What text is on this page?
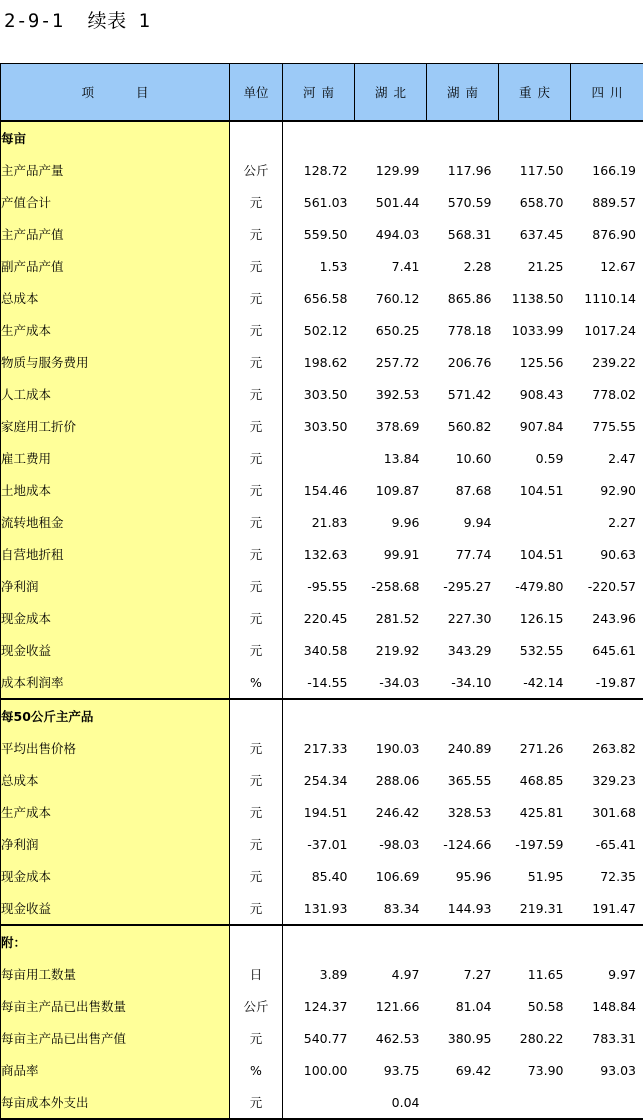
2-9-1  续表 1
项目	单位	河南	湖北	湖南	重庆	四川
每亩						
主产品产量	公斤	128.72	129.99	117.96	117.50	166.19
产值合计	元	561.03	501.44	570.59	658.70	889.57
主产品产值	元	559.50	494.03	568.31	637.45	876.90
副产品产值	元	1.53	7.41	2.28	21.25	12.67
总成本	元	656.58	760.12	865.86	1138.50	1110.14
生产成本	元	502.12	650.25	778.18	1033.99	1017.24
物质与服务费用	元	198.62	257.72	206.76	125.56	239.22
人工成本	元	303.50	392.53	571.42	908.43	778.02
家庭用工折价	元	303.50	378.69	560.82	907.84	775.55
雇工费用	元		13.84	10.60	0.59	2.47
土地成本	元	154.46	109.87	87.68	104.51	92.90
流转地租金	元	21.83	9.96	9.94		2.27
自营地折租	元	132.63	99.91	77.74	104.51	90.63
净利润	元	-95.55	-258.68	-295.27	-479.80	-220.57
现金成本	元	220.45	281.52	227.30	126.15	243.96
现金收益	元	340.58	219.92	343.29	532.55	645.61
成本利润率	%	-14.55	-34.03	-34.10	-42.14	-19.87
每50公斤主产品						
平均出售价格	元	217.33	190.03	240.89	271.26	263.82
总成本	元	254.34	288.06	365.55	468.85	329.23
生产成本	元	194.51	246.42	328.53	425.81	301.68
净利润	元	-37.01	-98.03	-124.66	-197.59	-65.41
现金成本	元	85.40	106.69	95.96	51.95	72.35
现金收益	元	131.93	83.34	144.93	219.31	191.47
附：						
每亩用工数量	日	3.89	4.97	7.27	11.65	9.97
每亩主产品已出售数量	公斤	124.37	121.66	81.04	50.58	148.84
每亩主产品已出售产值	元	540.77	462.53	380.95	280.22	783.31
商品率	%	100.00	93.75	69.42	73.90	93.03
每亩成本外支出	元		0.04			
